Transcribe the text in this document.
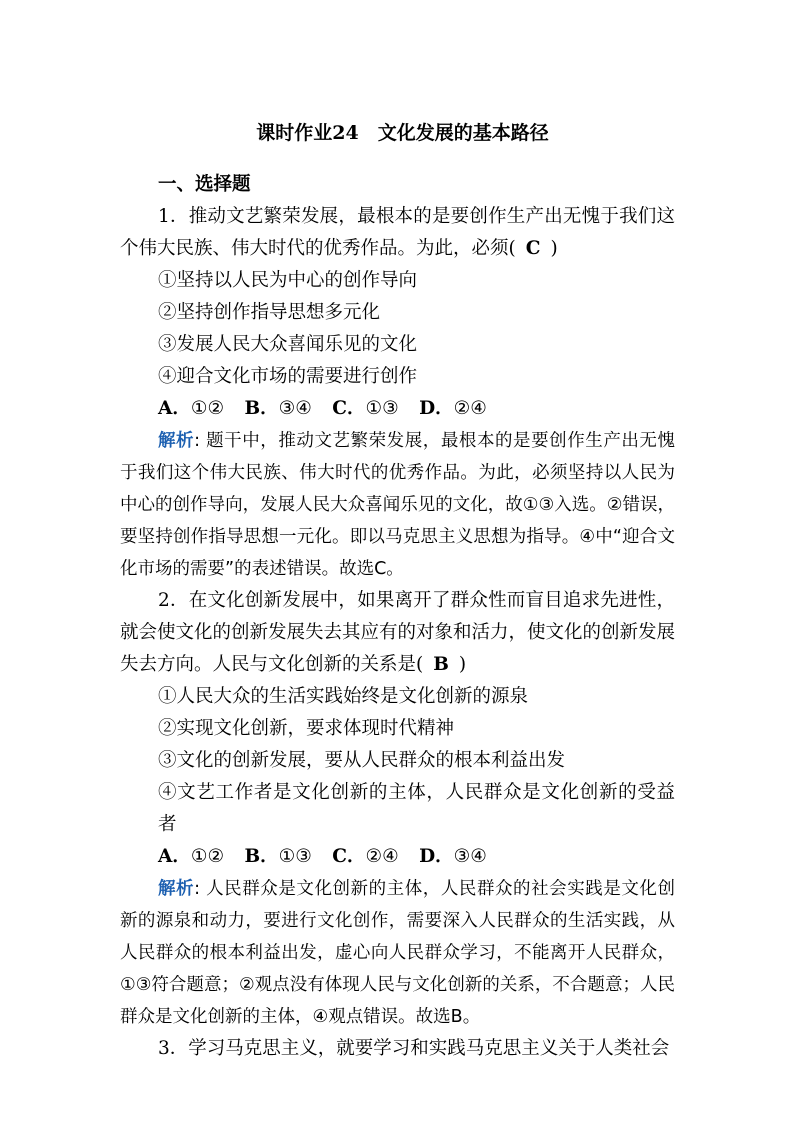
课时作业24　文化发展的基本路径
一、选择题
1．推动文艺繁荣发展，最根本的是要创作生产出无愧于我们这个伟大民族、伟大时代的优秀作品。为此，必须( C )
①坚持以人民为中心的创作导向
②坚持创作指导思想多元化
③发展人民大众喜闻乐见的文化
④迎合文化市场的需要进行创作
A．①② B．③④ C．①③ D．②④
解析: 题干中，推动文艺繁荣发展，最根本的是要创作生产出无愧于我们这个伟大民族、伟大时代的优秀作品。为此，必须坚持以人民为中心的创作导向，发展人民大众喜闻乐见的文化，故①③入选。②错误，要坚持创作指导思想一元化。即以马克思主义思想为指导。④中“迎合文化市场的需要”的表述错误。故选C。
2．在文化创新发展中，如果离开了群众性而盲目追求先进性，就会使文化的创新发展失去其应有的对象和活力，使文化的创新发展失去方向。人民与文化创新的关系是( B )
①人民大众的生活实践始终是文化创新的源泉
②实现文化创新，要求体现时代精神
③文化的创新发展，要从人民群众的根本利益出发
④文艺工作者是文化创新的主体，人民群众是文化创新的受益者
A．①② B．①③ C．②④ D．③④
解析: 人民群众是文化创新的主体，人民群众的社会实践是文化创新的源泉和动力，要进行文化创作，需要深入人民群众的生活实践，从人民群众的根本利益出发，虚心向人民群众学习，不能离开人民群众，①③符合题意；②观点没有体现人民与文化创新的关系，不合题意；人民群众是文化创新的主体，④观点错误。故选B。
3．学习马克思主义，就要学习和实践马克思主义关于人类社会
